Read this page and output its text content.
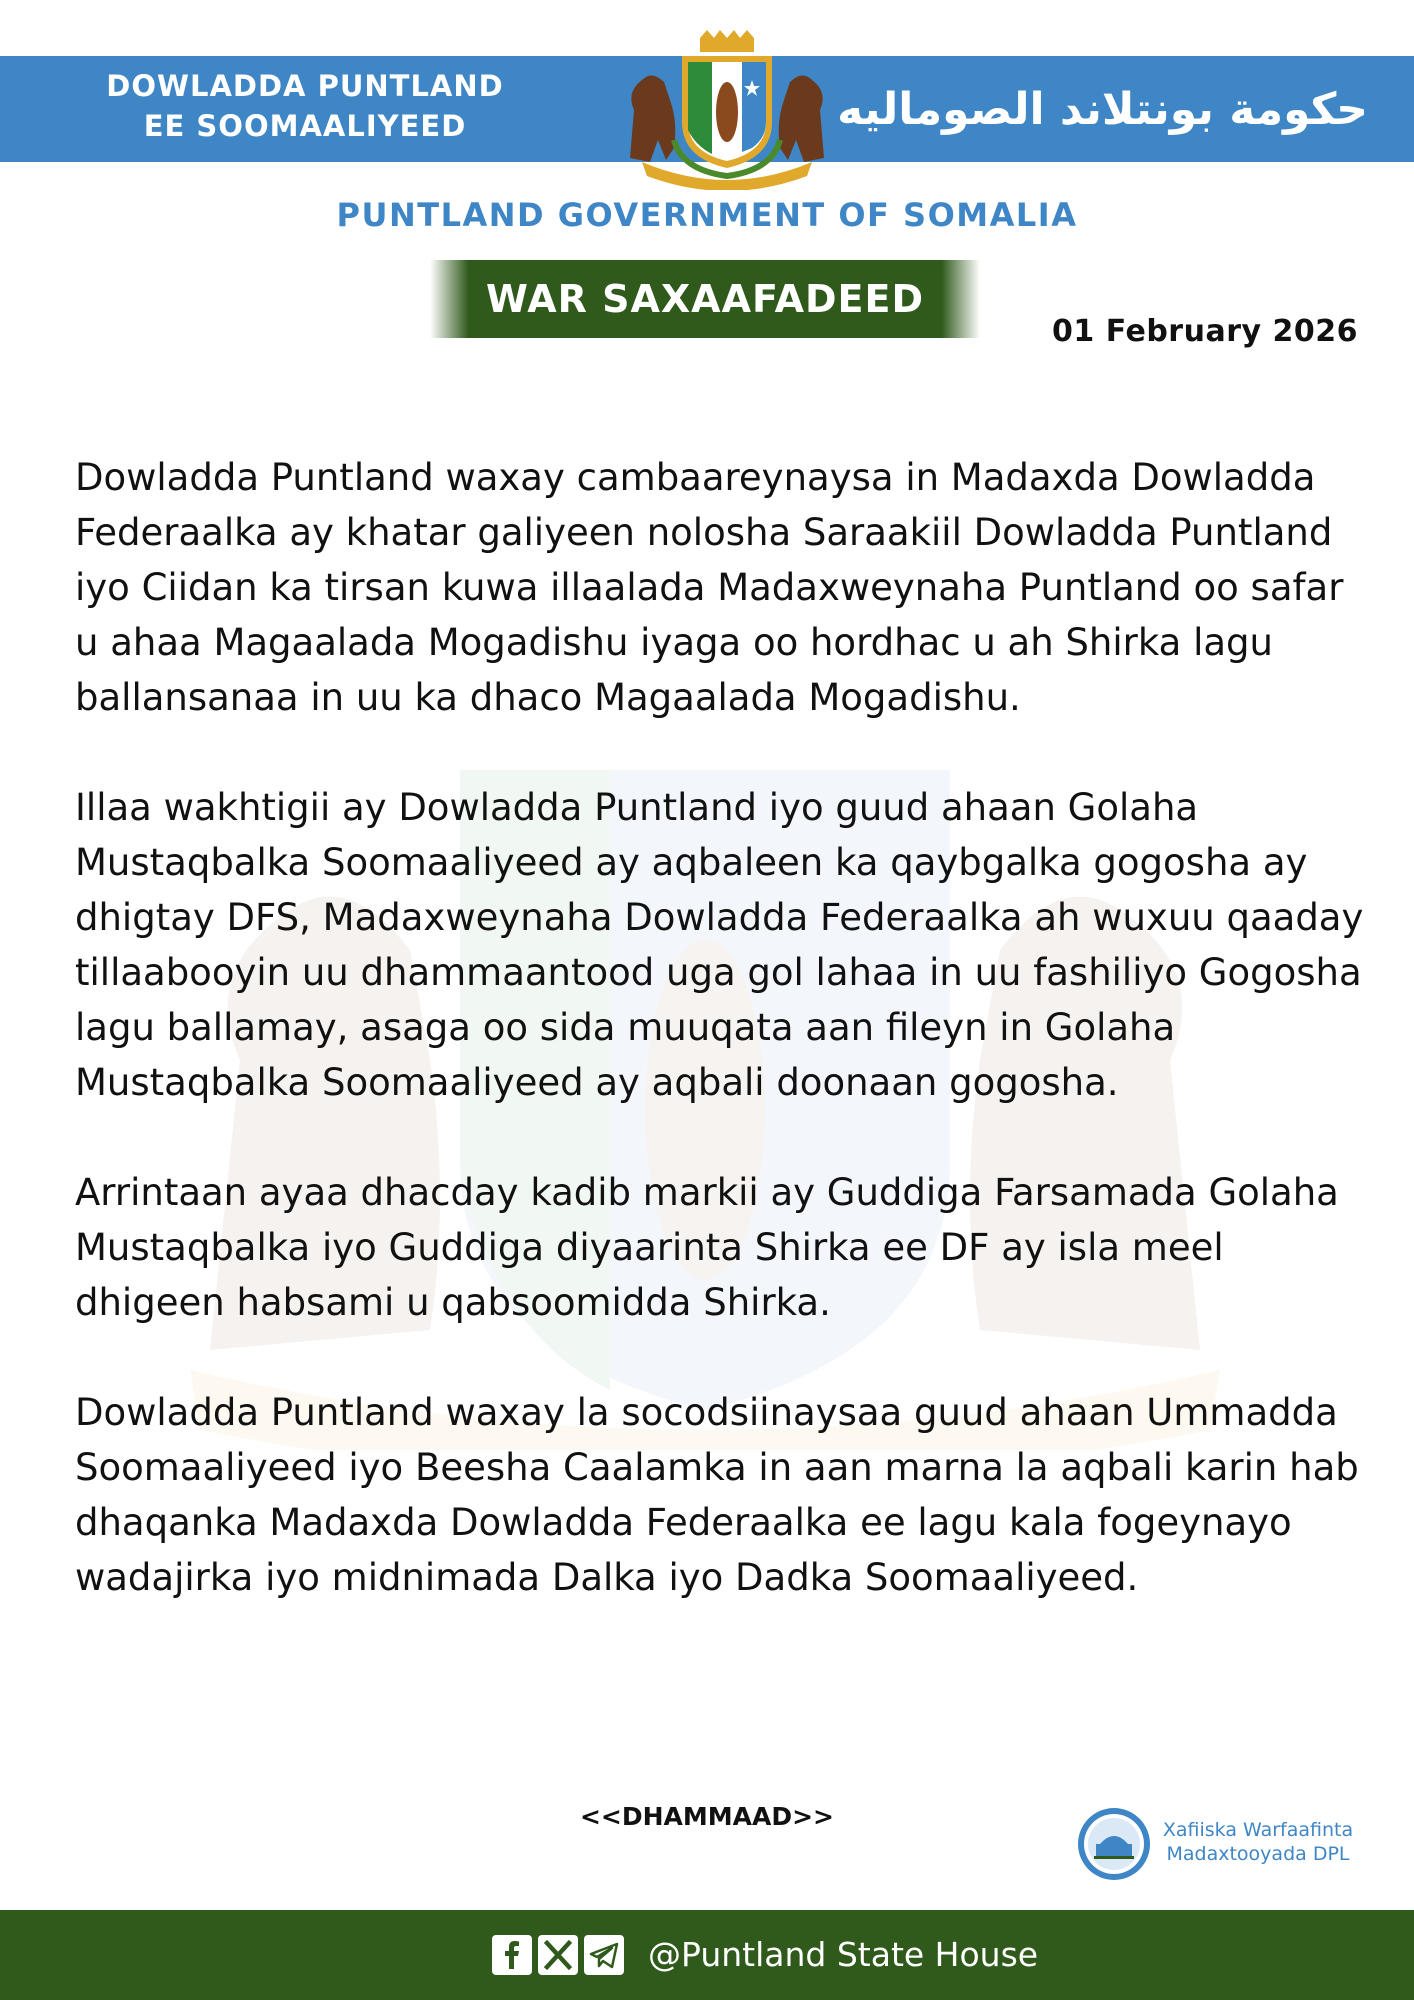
DOWLADDA PUNTLAND
EE SOOMAALIYEED	حكومة بونتلاند الصوماليه
PUNTLAND GOVERNMENT OF SOMALIA
WAR SAXAAFADEED
01 February 2026

Dowladda Puntland waxay cambaareynaysa in Madaxda Dowladda Federaalka ay khatar galiyeen nolosha Saraakiil Dowladda Puntland iyo Ciidan ka tirsan kuwa illaalada Madaxweynaha Puntland oo safar u ahaa Magaalada Mogadishu iyaga oo hordhac u ah Shirka lagu ballansanaa in uu ka dhaco Magaalada Mogadishu.

Illaa wakhtigii ay Dowladda Puntland iyo guud ahaan Golaha Mustaqbalka Soomaaliyeed ay aqbaleen ka qaybgalka gogosha ay dhigtay DFS, Madaxweynaha Dowladda Federaalka ah wuxuu qaaday tillaabooyin uu dhammaantood uga gol lahaa in uu fashiliyo Gogosha lagu ballamay, asaga oo sida muuqata aan fileyn in Golaha Mustaqbalka Soomaaliyeed ay aqbali doonaan gogosha.

Arrintaan ayaa dhacday kadib markii ay Guddiga Farsamada Golaha Mustaqbalka iyo Guddiga diyaarinta Shirka ee DF ay isla meel dhigeen habsami u qabsoomidda Shirka.

Dowladda Puntland waxay la socodsiinaysaa guud ahaan Ummadda Soomaaliyeed iyo Beesha Caalamka in aan marna la aqbali karin hab dhaqanka Madaxda Dowladda Federaalka ee lagu kala fogeynayo wadajirka iyo midnimada Dalka iyo Dadka Soomaaliyeed.

<<DHAMMAAD>>	Xafiiska Warfaafinta
Madaxtooyada DPL
@Puntland State House
